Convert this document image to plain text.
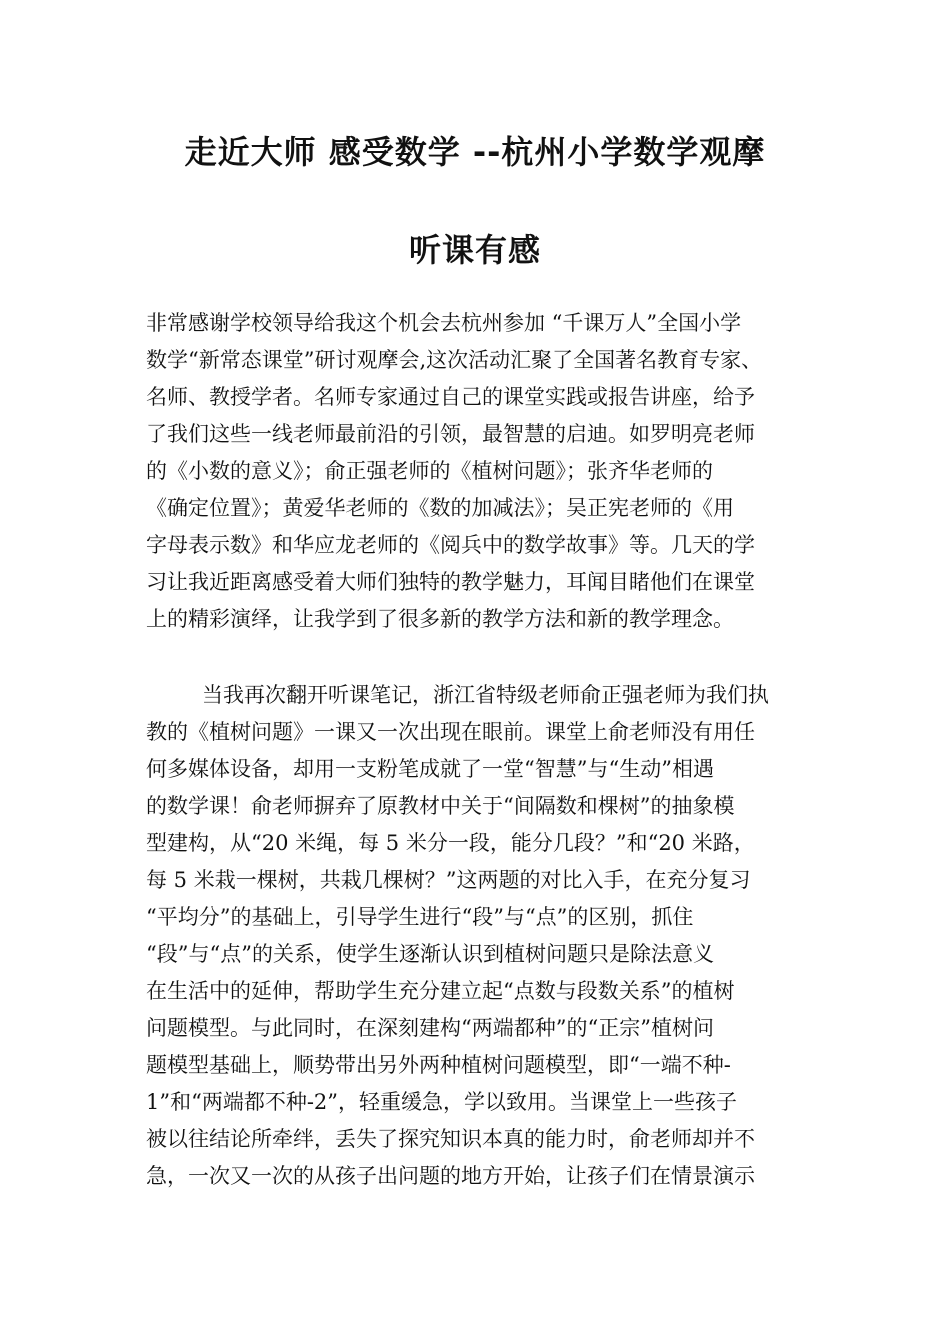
走近大师 感受数学 --杭州小学数学观摩
听课有感
非常感谢学校领导给我这个机会去杭州参加 “千课万人”全国小学
数学“新常态课堂”研讨观摩会,这次活动汇聚了全国著名教育专家、
名师、教授学者。名师专家通过自己的课堂实践或报告讲座，给予
了我们这些一线老师最前沿的引领，最智慧的启迪。如罗明亮老师
的《小数的意义》；俞正强老师的《植树问题》；张齐华老师的
《确定位置》；黄爱华老师的《数的加减法》；吴正宪老师的《用
字母表示数》和华应龙老师的《阅兵中的数学故事》等。几天的学
习让我近距离感受着大师们独特的教学魅力，耳闻目睹他们在课堂
上的精彩演绎，让我学到了很多新的教学方法和新的教学理念。
当我再次翻开听课笔记，浙江省特级老师俞正强老师为我们执
教的《植树问题》一课又一次出现在眼前。课堂上俞老师没有用任
何多媒体设备，却用一支粉笔成就了一堂“智慧”与“生动”相遇
的数学课！俞老师摒弃了原教材中关于“间隔数和棵树”的抽象模
型建构，从“20 米绳，每 5 米分一段，能分几段？”和“20 米路，
每 5 米栽一棵树，共栽几棵树？”这两题的对比入手，在充分复习
“平均分”的基础上，引导学生进行“段”与“点”的区别，抓住
“段”与“点”的关系，使学生逐渐认识到植树问题只是除法意义
在生活中的延伸，帮助学生充分建立起“点数与段数关系”的植树
问题模型。与此同时，在深刻建构“两端都种”的“正宗”植树问
题模型基础上，顺势带出另外两种植树问题模型，即“一端不种-
1”和“两端都不种-2”，轻重缓急，学以致用。当课堂上一些孩子
被以往结论所牵绊，丢失了探究知识本真的能力时，俞老师却并不
急，一次又一次的从孩子出问题的地方开始，让孩子们在情景演示
